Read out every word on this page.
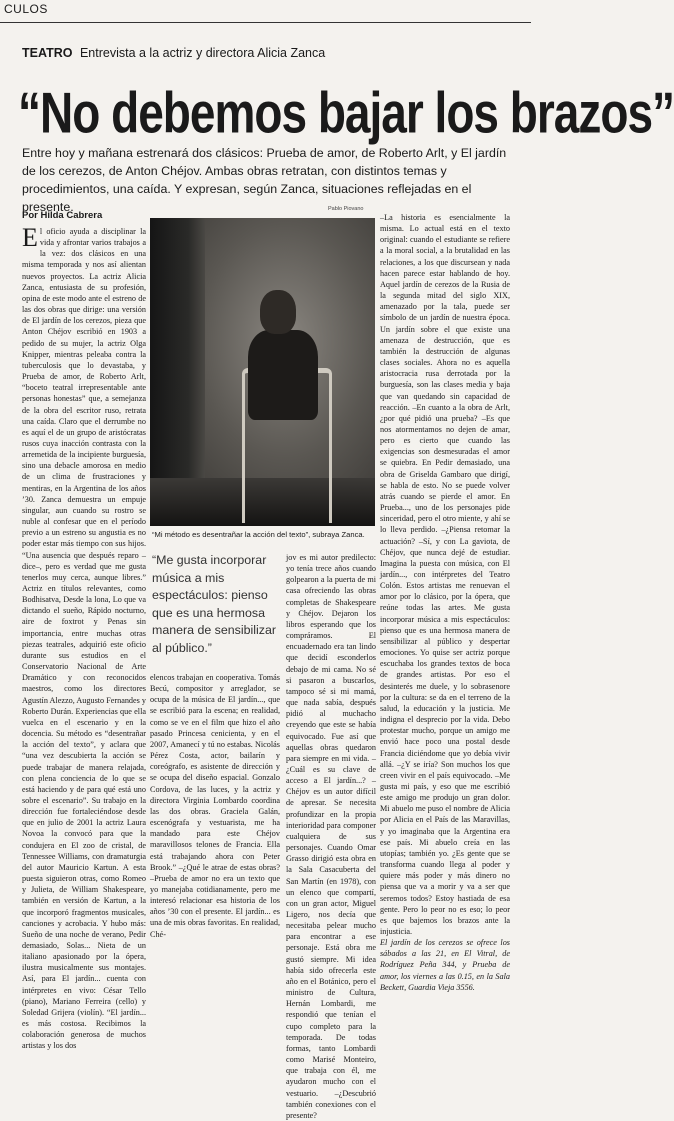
CULOS
TEATRO Entrevista a la actriz y directora Alicia Zanca
“No debemos bajar los brazos”
Entre hoy y mañana estrenará dos clásicos: Prueba de amor, de Roberto Arlt, y El jardín de los cerezos, de Anton Chéjov. Ambas obras retratan, con distintos temas y procedimientos, una caída. Y expresan, según Zanca, situaciones reflejadas en el presente.
Por Hilda Cabrera
E l oficio ayuda a disciplinar la vida y afrontar varios trabajos a la vez: dos clásicos en una misma temporada y nos así alientan nuevos proyectos. La actriz Alicia Zanca, entusiasta de su profesión, opina de este modo ante el estreno de las dos obras que dirige: una versión de El jardín de los cerezos, pieza que Anton Chéjov escribió en 1903 a pedido de su mujer, la actriz Olga Knipper, mientras peleaba contra la tuberculosis que lo devastaba, y Prueba de amor, de Roberto Arlt, “boceto teatral irrepresentable ante personas honestas” que, a semejanza de la obra del escritor ruso, retrata una caída. Claro que el derrumbe no es aquí el de un grupo de aristócratas rusos cuya inacción contrasta con la arremetida de la incipiente burguesía, sino una debacle amorosa en medio de un clima de frustraciones y mentiras, en la Argentina de los años ’30. Zanca demuestra un empuje singular, aun cuando su rostro se nuble al confesar que en el período previo a un estreno su angustia es no poder estar más tiempo con sus hijos. “Una ausencia que después reparo –dice–, pero es verdad que me gusta tenerlos muy cerca, aunque libres.” Actriz en títulos relevantes, como Bodhisatva, Desde la lona, Lo que va dictando el sueño, Rápido nocturno, aire de foxtrot y Penas sin importancia, entre muchas otras piezas teatrales, adquirió este oficio durante sus estudios en el Conservatorio Nacional de Arte Dramático y con reconocidos maestros, como los directores Agustín Alezzo, Augusto Fernandes y Roberto Durán. Experiencias que ella vuelca en el escenario y en la docencia. Su método es “desentrañar la acción del texto”, y aclara que “una vez descubierta la acción se puede trabajar de manera relajada, con plena conciencia de lo que se está haciendo y de para qué está uno sobre el escenario”. Su trabajo en la dirección fue fortaleciéndose desde que en julio de 2001 la actriz Laura Novoa la convocó para que la condujera en El zoo de cristal, de Tennessee Williams, con dramaturgia del autor Mauricio Kartun. A esta puesta siguieron otras, como Romeo y Julieta, de William Shakespeare, también en versión de Kartun, a la que incorporó fragmentos musicales, canciones y acrobacia. Y hubo más: Sueño de una noche de verano, Pedir demasiado, Solas... Nieta de un italiano apasionado por la ópera, ilustra musicalmente sus montajes. Así, para El jardín... cuenta con intérpretes en vivo: César Tello (piano), Mariano Ferreira (cello) y Soledad Grijera (violín). “El jardín... es más costosa. Recibimos la colaboración generosa de muchos artistas y los dos
Pablo Piovano
“Mi método es desentrañar la acción del texto”, subraya Zanca.
“Me gusta incorporar música a mis espectáculos: pienso que es una hermosa manera de sensibilizar al público.”
elencos trabajan en cooperativa. Tomás Becú, compositor y arreglador, se ocupa de la música de El jardín..., que se escribió para la escena; en realidad, como se ve en el film que hizo el año pasado Princesa cenicienta, y en el 2007, Amanecí y tú no estabas. Nicolás Pérez Costa, actor, bailarín y coreógrafo, es asistente de dirección y se ocupa del diseño espacial. Gonzalo Cordova, de las luces, y la actriz y directora Virginia Lombardo coordina las dos obras. Graciela Galán, escenógrafa y vestuarista, me ha mandado para este Chéjov maravillosos telones de Francia. Ella está trabajando ahora con Peter Brook.” –¿Qué le atrae de estas obras? –Prueba de amor no era un texto que yo manejaba cotidianamente, pero me interesó relacionar esa historia de los años ’30 con el presente. El jardín... es una de mis obras favoritas. En realidad, Ché-
jov es mi autor predilecto: yo tenía trece años cuando golpearon a la puerta de mi casa ofreciendo las obras completas de Shakespeare y Chéjov. Dejaron los libros esperando que los compráramos. El encuadernado era tan lindo que decidí esconderlos debajo de mi cama. No sé si pasaron a buscarlos, tampoco sé si mi mamá, que nada sabía, después pidió al muchacho creyendo que este se había equivocado. Fue así que aquellas obras quedaron para siempre en mi vida. –¿Cuál es su clave de acceso a El jardín...? –Chéjov es un autor difícil de apresar. Se necesita profundizar en la propia interioridad para componer cualquiera de sus personajes. Cuando Omar Grasso dirigió esta obra en la Sala Casacuberta del San Martín (en 1978), con un elenco que compartí, con un gran actor, Miguel Ligero, nos decía que necesitaba pelear mucho para encontrar a ese personaje. Está obra me gustó siempre. Mi idea había sido ofrecerla este año en el Botánico, pero el ministro de Cultura, Hernán Lombardi, me respondió que tenían el cupo completo para la temporada. De todas formas, tanto Lombardi como Marisé Monteiro, que trabaja con él, me ayudaron mucho con el vestuario. –¿Descubrió también conexiones con el presente?

–La historia es esencialmente la misma. Lo actual está en el texto original: cuando el estudiante se refiere a la moral social, a la brutalidad en las relaciones, a los que discursean y nada hacen parece estar hablando de hoy. Aquel jardín de cerezos de la Rusia de la segunda mitad del siglo XIX, amenazado por la tala, puede ser símbolo de un jardín de nuestra época. Un jardín sobre el que existe una amenaza de destrucción, que es también la destrucción de algunas clases sociales. Ahora no es aquella aristocracia rusa derrotada por la burguesía, son las clases media y baja que van quedando sin capacidad de reacción. –En cuanto a la obra de Arlt, ¿por qué pidió una prueba? –Es que nos atormentamos no dejen de amar, pero es cierto que cuando las exigencias son desmesuradas el amor se quiebra. En Pedir demasiado, una obra de Griselda Gambaro que dirigí, se habla de esto. No se puede volver atrás cuando se pierde el amor. En Prueba..., uno de los personajes pide sinceridad, pero el otro miente, y ahí se lo lleva perdido. –¿Piensa retomar la actuación? –Sí, y con La gaviota, de Chéjov, que nunca dejé de estudiar. Imagina la puesta con música, con El jardín..., con intérpretes del Teatro Colón. Estos artistas me renuevan el amor por lo clásico, por la ópera, que reúne todas las artes. Me gusta incorporar música a mis espectáculos: pienso que es una hermosa manera de sensibilizar al público y despertar emociones. Yo quise ser actriz porque escuchaba los grandes textos de boca de grandes artistas. Por eso el desinterés me duele, y lo sobrasenore por la cultura: se da en el terreno de la salud, la educación y la justicia. Me indigna el desprecio por la vida. Debo protestar mucho, porque un amigo me envió hace poco una postal desde Francia diciéndome que yo debía vivir allá. –¿Y se iría? Son muchos los que creen vivir en el país equivocado. –Me gusta mi país, y eso que me escribió este amigo me produjo un gran dolor. Mi abuelo me puso el nombre de Alicia por Alicia en el País de las Maravillas, y yo imaginaba que la Argentina era ese país. Mi abuelo creía en las utopías; también yo. ¿Es gente que se transforma cuando llega al poder y quiere más poder y más dinero no piensa que va a morir y va a ser que seremos todos? Estoy hastiada de esa gente. Pero lo peor no es eso; lo peor es que bajemos los brazos ante la injusticia.

El jardín de los cerezos se ofrece los sábados a las 21, en El Vitral, de Rodríguez Peña 344, y Prueba de amor, los viernes a las 0.15, en la Sala Beckett, Guardia Vieja 3556.
